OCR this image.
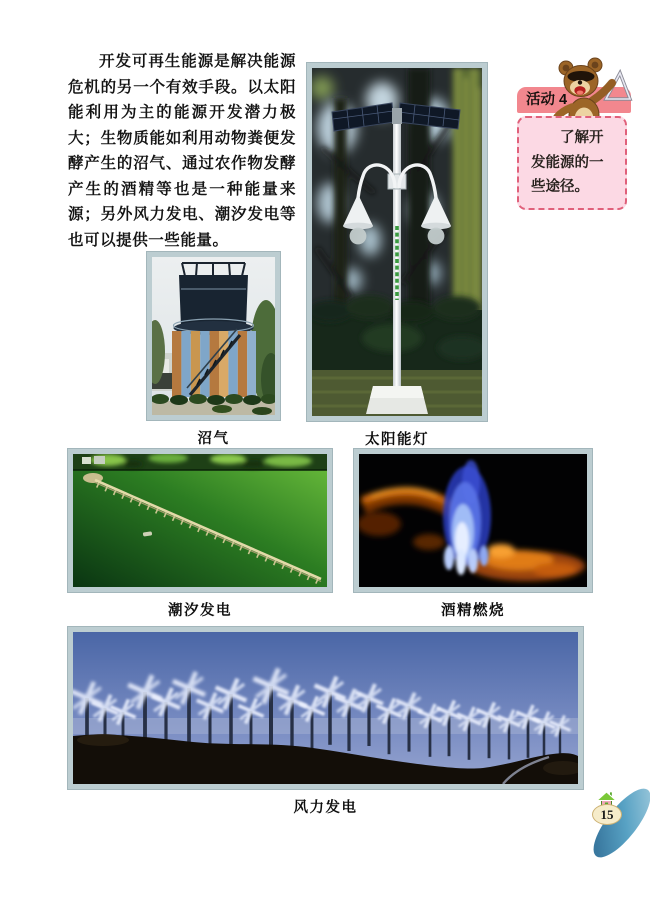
开发可再生能源是解决能源危机的另一个有效手段。以太阳能利用为主的能源开发潜力极大；生物质能如利用动物粪便发酵产生的沼气、通过农作物发酵产生的酒精等也是一种能量来源；另外风力发电、潮汐发电等也可以提供一些能量。

活动 4
了解开发能源的一些途径。
太阳能灯
沼气
潮汐发电	酒精燃烧
风力发电	15
